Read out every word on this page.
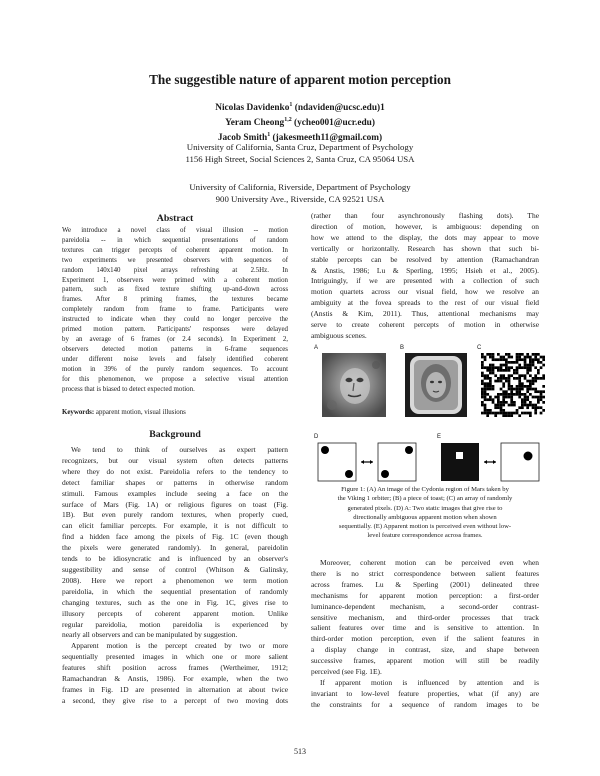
The suggestible nature of apparent motion perception
Nicolas Davidenko$^1$ (ndaviden@ucsc.edu)1
Yeram Cheong$^{1,2}$ (ycheo001@ucr.edu)
Jacob Smith$^1$ (jakesmeeth11@gmail.com)
University of California, Santa Cruz, Department of Psychology
1156 High Street, Social Sciences 2, Santa Cruz, CA 95064 USA
University of California, Riverside, Department of Psychology
900 University Ave., Riverside, CA 92521 USA
Abstract
We introduce a novel class of visual illusion -- motion
pareidolia -- in which sequential presentations of random
textures can trigger percepts of coherent apparent motion. In
two experiments we presented observers with sequences of
random 140x140 pixel arrays refreshing at 2.5Hz. In
Experiment 1, observers were primed with a coherent motion
pattern, such as fixed texture shifting up-and-down across
frames. After 8 priming frames, the textures became
completely random from frame to frame. Participants were
instructed to indicate when they could no longer perceive the
primed motion pattern. Participants' responses were delayed
by an average of 6 frames (or 2.4 seconds). In Experiment 2,
observers detected motion patterns in 6-frame sequences
under different noise levels and falsely identified coherent
motion in 39% of the purely random sequences. To account
for this phenomenon, we propose a selective visual attention
process that is biased to detect expected motion.
Keywords: apparent motion, visual illusions
Background
We tend to think of ourselves as expert pattern
recognizers, but our visual system often detects patterns
where they do not exist. Pareidolia refers to the tendency to
detect familiar shapes or patterns in otherwise random
stimuli. Famous examples include seeing a face on the
surface of Mars (Fig. 1A) or religious figures on toast (Fig.
1B). But even purely random textures, when properly cued,
can elicit familiar percepts. For example, it is not difficult to
find a hidden face among the pixels of Fig. 1C (even though
the pixels were generated randomly). In general, pareidolin
tends to be idiosyncratic and is influenced by an observer's
suggestibility and sense of control (Whitson & Galinsky,
2008). Here we report a phenomenon we term motion
pareidolia, in which the sequential presentation of randomly
changing textures, such as the one in Fig. 1C, gives rise to
illusory percepts of coherent apparent motion. Unlike
regular pareidolia, motion pareidolia is experienced by
nearly all observers and can be manipulated by suggestion.
Apparent motion is the percept created by two or more
sequentially presented images in which one or more salient
features shift position across frames (Wertheimer, 1912;
Ramachandran & Anstis, 1986). For example, when the two
frames in Fig. 1D are presented in alternation at about twice
a second, they give rise to a percept of two moving dots
(rather than four asynchronously flashing dots). The
direction of motion, however, is ambiguous: depending on
how we attend to the display, the dots may appear to move
vertically or horizontally. Research has shown that such bi-
stable percepts can be resolved by attention (Ramachandran
& Anstis, 1986; Lu & Sperling, 1995; Hsieh et al., 2005).
Intriguingly, if we are presented with a collection of such
motion quartets across our visual field, how we resolve an
ambiguity at the fovea spreads to the rest of our visual field
(Anstis & Kim, 2011). Thus, attentional mechanisms may
serve to create coherent percepts of motion in otherwise
ambiguous scenes.
A	B	C
D	E
Figure 1: (A) An image of the Cydonia region of Mars taken by
the Viking 1 orbiter; (B) a piece of toast; (C) an array of randomly
generated pixels. (D) A: Two static images that give rise to
directionally ambiguous apparent motion when shown
sequentially. (E) Apparent motion is perceived even without low-
level feature correspondence across frames.
Moreover, coherent motion can be perceived even when
there is no strict correspondence between salient features
across frames. Lu & Sperling (2001) delineated three
mechanisms for apparent motion perception: a first-order
luminance-dependent mechanism, a second-order contrast-
sensitive mechanism, and third-order processes that track
salient features over time and is sensitive to attention. In
third-order motion perception, even if the salient features in
a display change in contrast, size, and shape between
successive frames, apparent motion will still be readily
perceived (see Fig. 1E).
If apparent motion is influenced by attention and is
invariant to low-level feature properties, what (if any) are
the constraints for a sequence of random images to be
513
